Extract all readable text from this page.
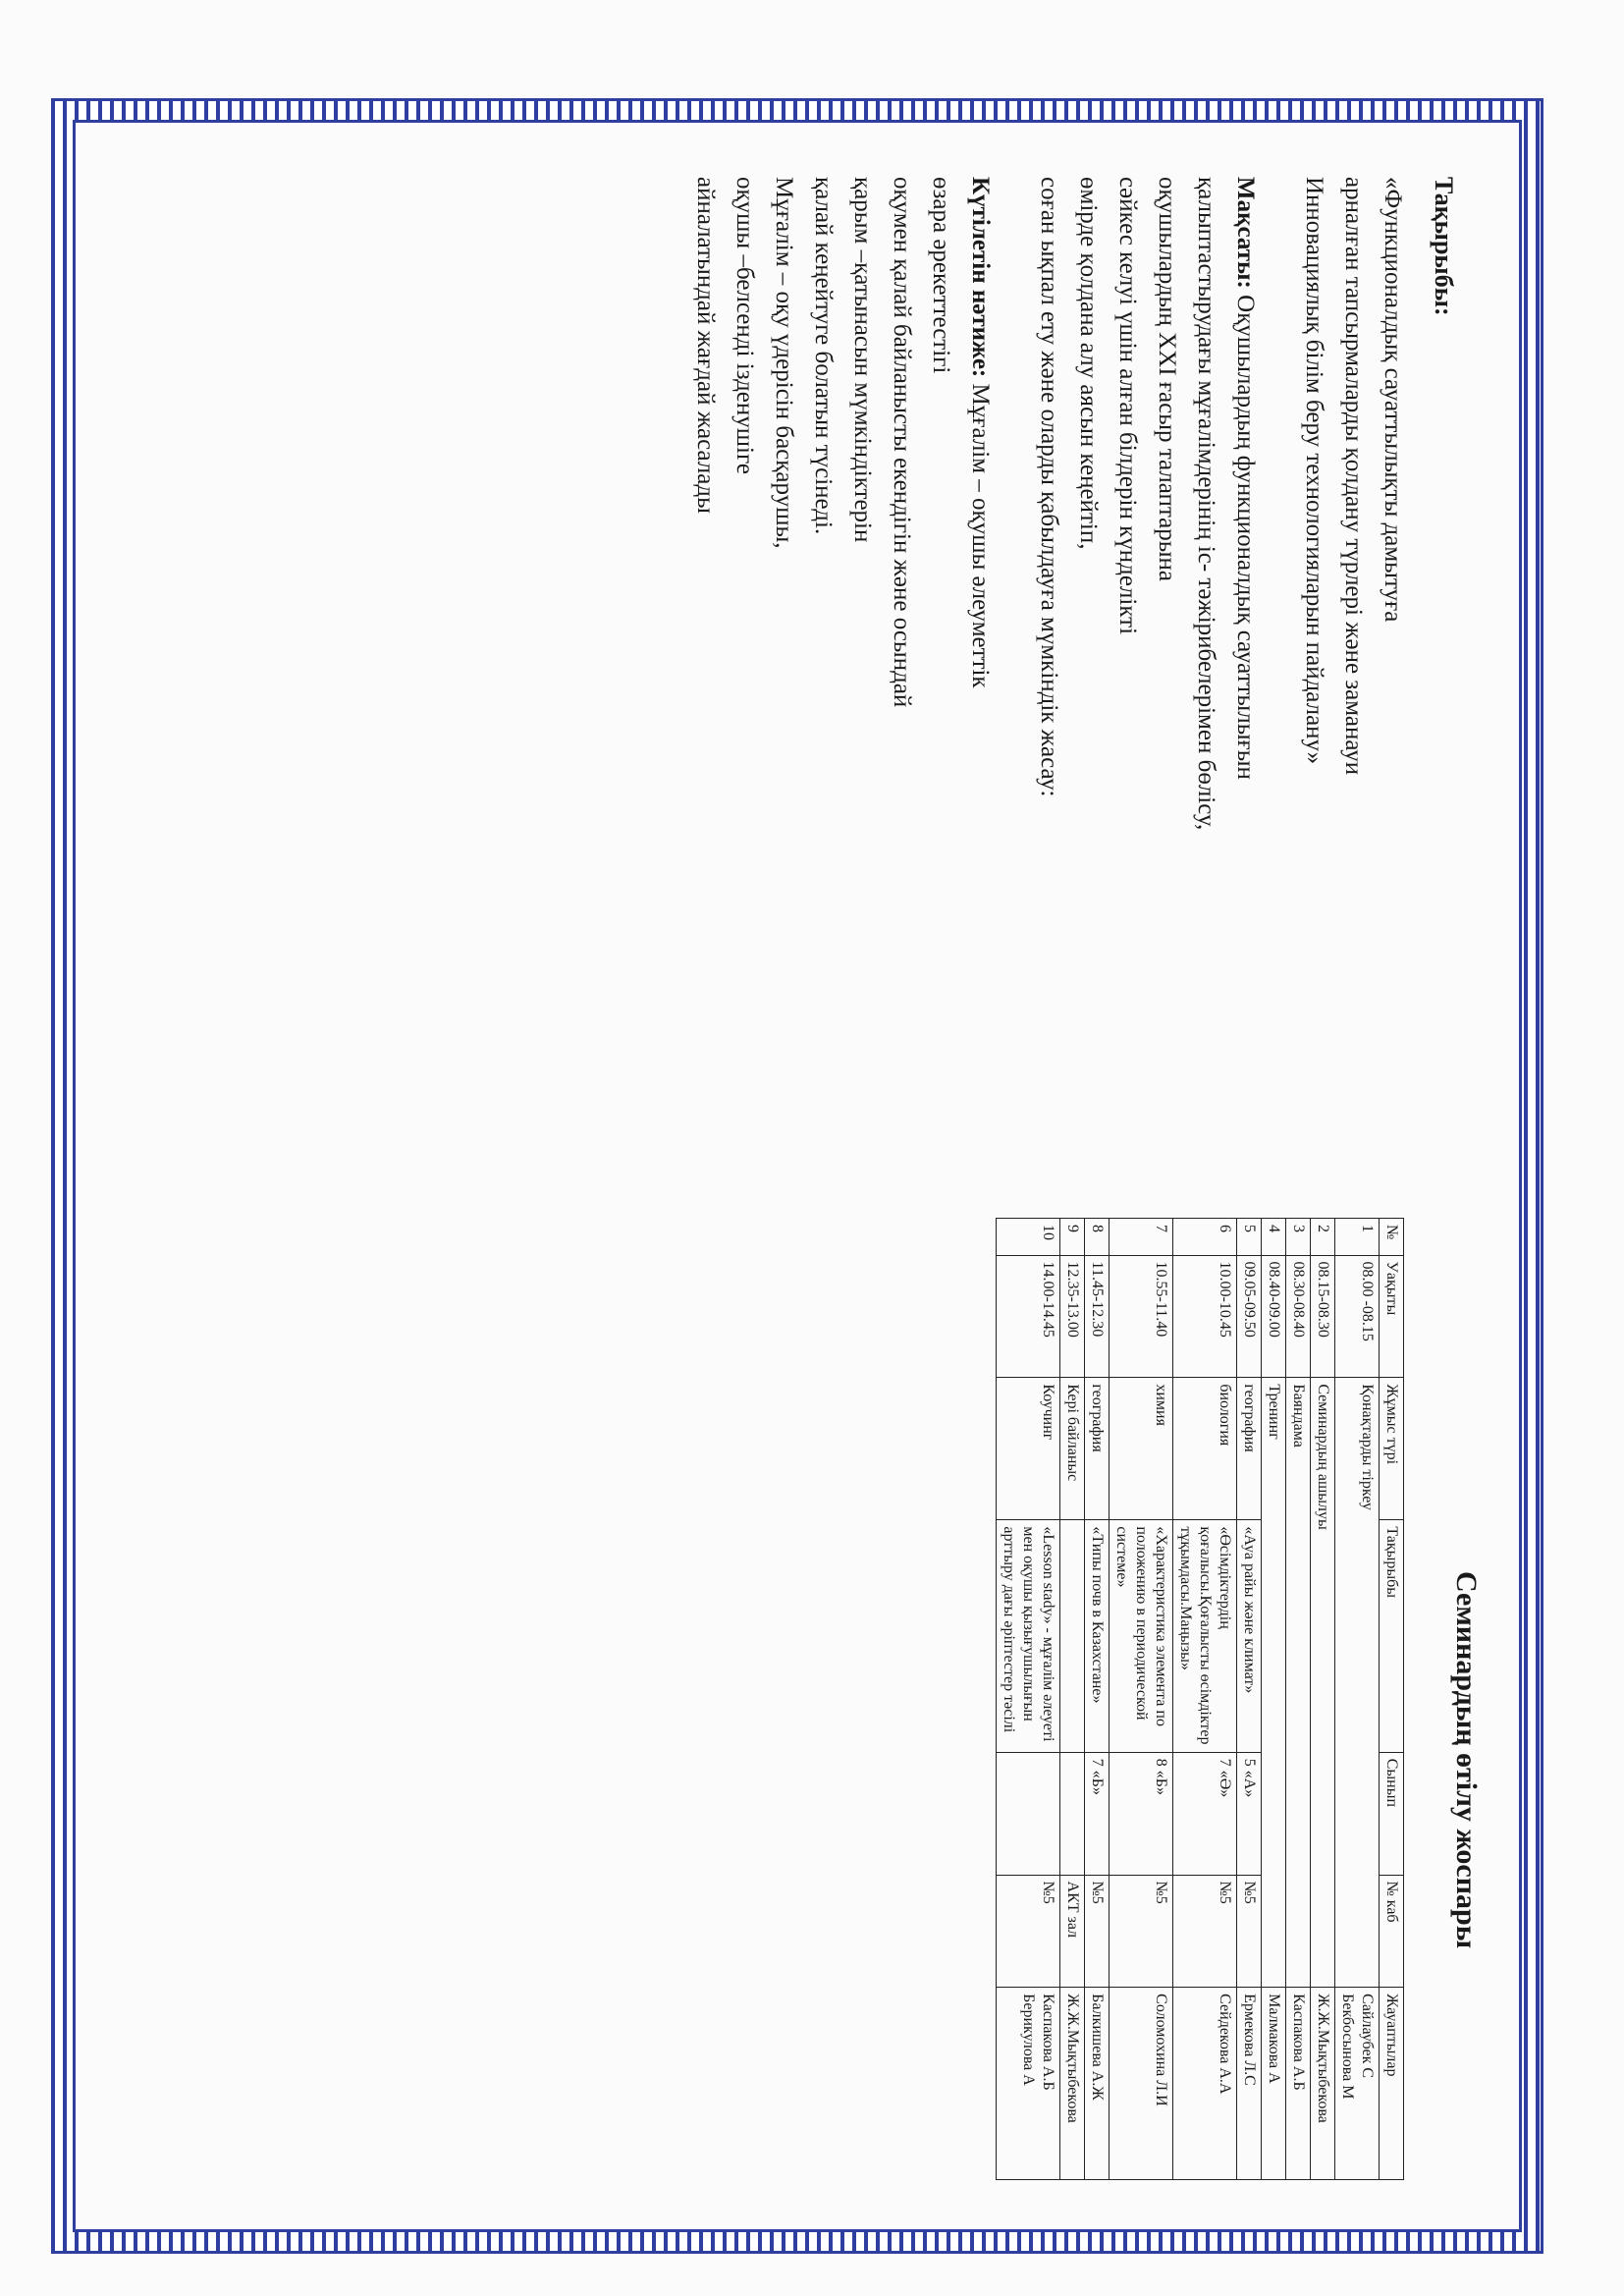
Тақырыбы:

«Функционалдық сауаттылықты дамытуға
арналған тапсырмаларды қолдану түрлері және заманауи
Инновациялық білім беру технологияларын пайдалану»

Мақсаты: Оқушылардың функционалдық сауаттылығын
қалыптастырудағы мұғалімдерінің іс- тәжірибелерімен бөлісу,
оқушылардың XXI ғасыр талаптарына
сәйкес келуі үшін алған білдерін күнделікті
өмірде қолдана алу аясын кеңейтіп,
соған ықпал ету және оларды қабылдауға мүмкіндік жасау:

Күтілетін нәтиже: Мұғалім – оқушы әлеуметтік
өзара әрекеттестігі
оқумен қалай байланысты екендігін және осындай
қарым –қатынасын мүмкіндіктерін
қалай кеңейтуге болатын түсінеді.
Мұғалім – оқу үдерісін басқарушы,
оқушы –белсенді ізденушіге
айналатындай жағдай жасалады

Семинардың өтілу жоспары
№	Уақыты	Жұмыс түрі	Тақырыбы	Сынып	№ каб	Жауаптылар
1	08.00 -08.15	Қонақтарды тіркеу				Сайлаубек С
Бекбосынова М
2	08.15-08.30	Семинардың ашылуы				Ж.Ж.Мықтыбекова
3	08.30-08.40	Баяндама				Каспакова А.Б
4	08.40-09.00	Тренинг				Малмакова А
5	09.05-09.50	география	«Ауа райы және климат»	5 «А»	№5	Ермекова Л.С
6	10.00-10.45	биология	«Өсімдіктердің қоғалысы.Қоғалысты өсімдіктер тұқымдасы.Маңызы»	7 «Ә»	№5	Сейдекова А.А
7	10.55-11.40	химия	«Характеристика элемента по положению в периодической системе»	8 «Б»	№5	Соломохина Л.И
8	11.45-12.30	география	«Типы почв в Казахстане»	7 «Б»	№5	Балкишева А.Ж
9	12.35-13.00	Кері байланыс			АКТ зал	Ж.Ж.Мықтыбекова
10	14.00-14.45	Коучинг	«Lesson stady» - мұғалім әлеуеті мен оқушы қызығушылығын арттыру дағы әріптестер тәсілі		№5	Каспакова А.Б
Берикулова А
